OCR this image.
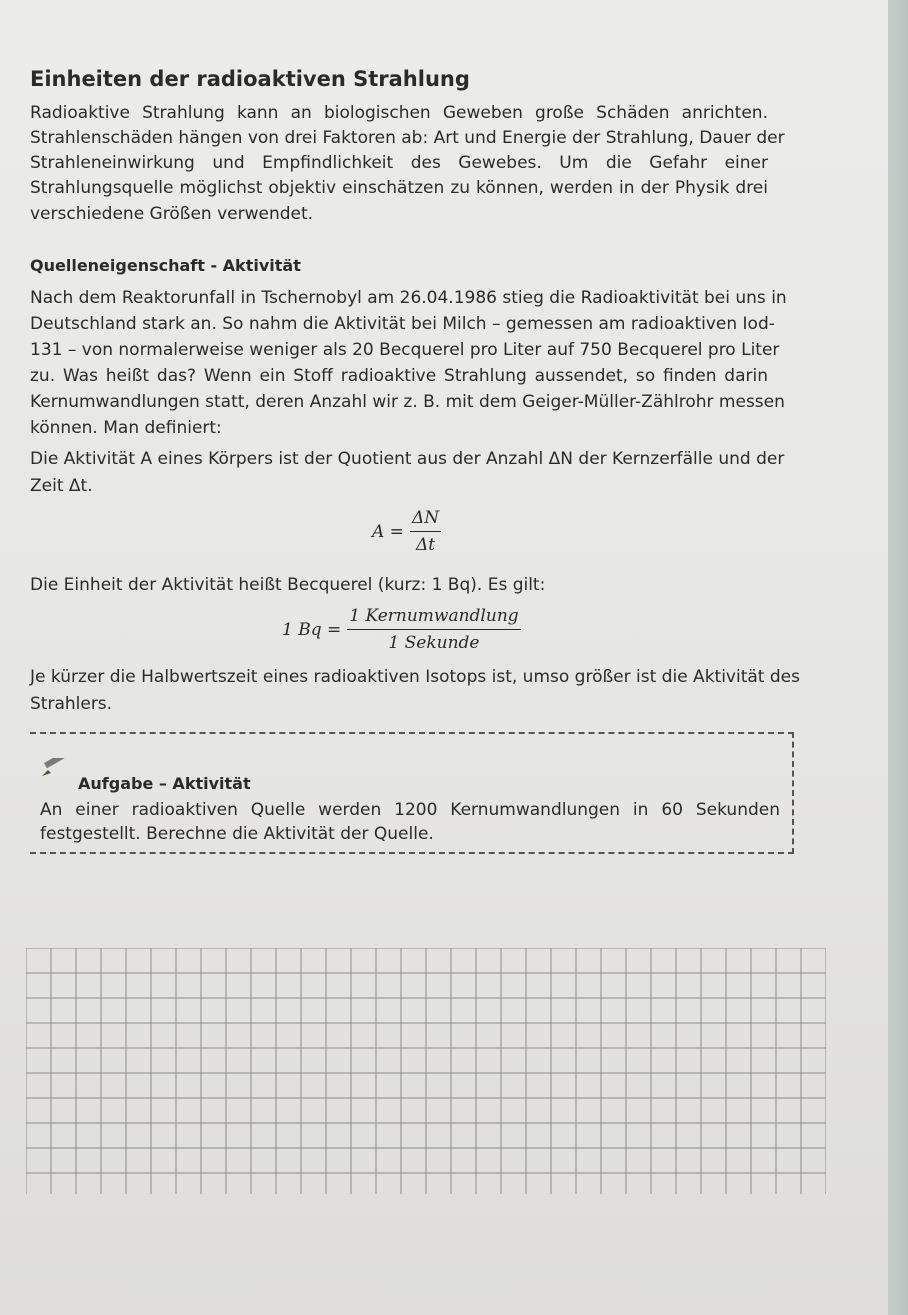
Einheiten der radioaktiven Strahlung
Radioaktive Strahlung kann an biologischen Geweben große Schäden anrichten.
Strahlenschäden hängen von drei Faktoren ab: Art und Energie der Strahlung, Dauer der
Strahleneinwirkung und Empfindlichkeit des Gewebes. Um die Gefahr einer
Strahlungsquelle möglichst objektiv einschätzen zu können, werden in der Physik drei
verschiedene Größen verwendet.
Quelleneigenschaft - Aktivität
Nach dem Reaktorunfall in Tschernobyl am 26.04.1986 stieg die Radioaktivität bei uns in
Deutschland stark an. So nahm die Aktivität bei Milch – gemessen am radioaktiven Iod-
131 – von normalerweise weniger als 20 Becquerel pro Liter auf 750 Becquerel pro Liter
zu. Was heißt das? Wenn ein Stoff radioaktive Strahlung aussendet, so finden darin
Kernumwandlungen statt, deren Anzahl wir z. B. mit dem Geiger-Müller-Zählrohr messen
können. Man definiert:
Die Aktivität A eines Körpers ist der Quotient aus der Anzahl ΔN der Kernzerfälle und der
Zeit Δt.
$A = \frac{\Delta N}{\Delta t}$
Die Einheit der Aktivität heißt Becquerel (kurz: 1 Bq). Es gilt:
1 $Bq = \frac{\text{1 Kernumwandlung}}{\text{1 Sekunde}}$
Je kürzer die Halbwertszeit eines radioaktiven Isotops ist, umso größer ist die Aktivität des
Strahlers.
Aufgabe – Aktivität
An einer radioaktiven Quelle werden 1200 Kernumwandlungen in 60 Sekunden
festgestellt. Berechne die Aktivität der Quelle.
